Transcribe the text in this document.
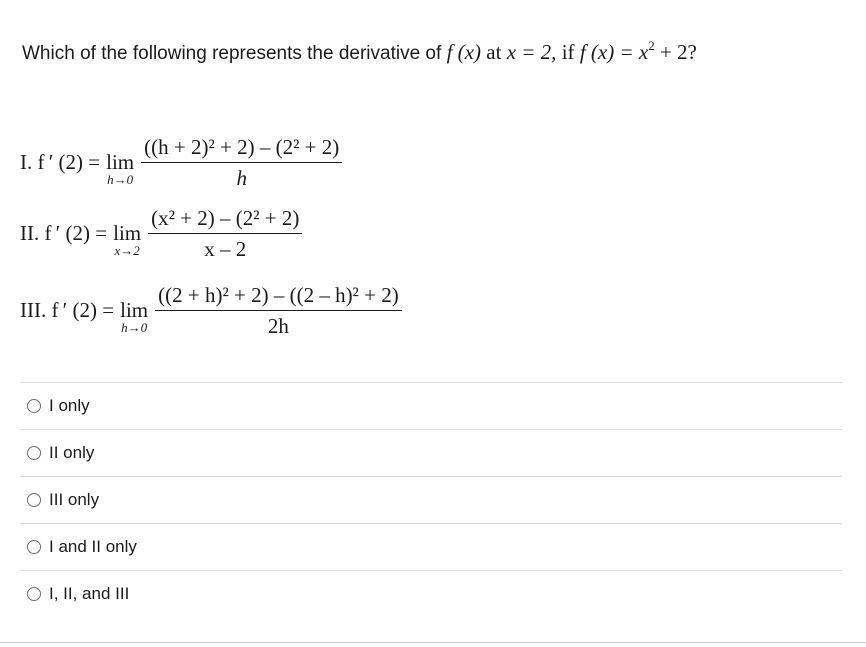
Which of the following represents the derivative of f (x) at x = 2, if f $(x) = x^2 + 2$?
I. f ′ (2) = lim
$h\to 0 \frac{\text{((h + 2)² + 2) – (2² + 2)}}{h}$
II. f ′ (2) = lim
$x\to 2 \frac{\text{(x² + 2) – (2² + 2)}}{x - 2}$
III. f ′ (2) = lim
$h\to 0 \frac{\text{((2 + h)² + 2) – ((2 – h)² + 2)}}{2h}$
I only
II only
III only
I and II only
I, II, and III
